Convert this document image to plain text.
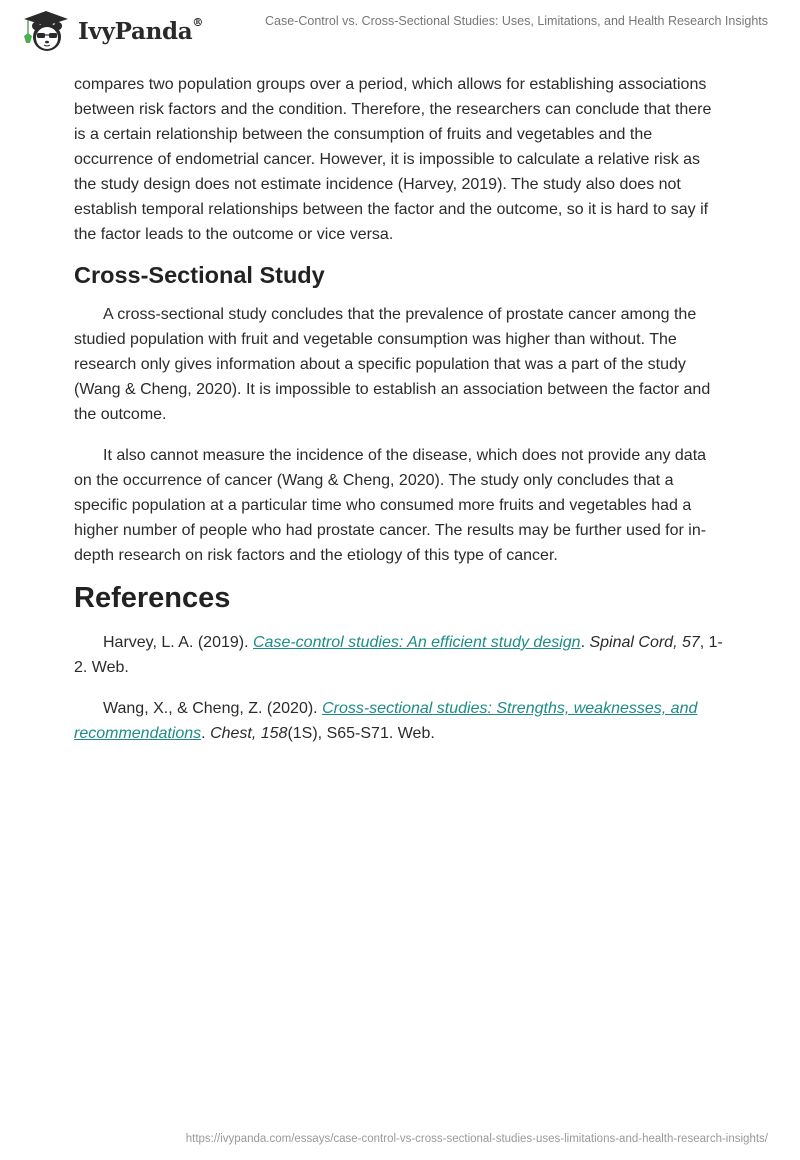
IvyPanda®	Case-Control vs. Cross-Sectional Studies: Uses, Limitations, and Health Research Insights

compares two population groups over a period, which allows for establishing associations between risk factors and the condition. Therefore, the researchers can conclude that there is a certain relationship between the consumption of fruits and vegetables and the occurrence of endometrial cancer. However, it is impossible to calculate a relative risk as the study design does not estimate incidence (Harvey, 2019). The study also does not establish temporal relationships between the factor and the outcome, so it is hard to say if the factor leads to the outcome or vice versa.

Cross-Sectional Study

A cross-sectional study concludes that the prevalence of prostate cancer among the studied population with fruit and vegetable consumption was higher than without. The research only gives information about a specific population that was a part of the study (Wang & Cheng, 2020). It is impossible to establish an association between the factor and the outcome.

It also cannot measure the incidence of the disease, which does not provide any data on the occurrence of cancer (Wang & Cheng, 2020). The study only concludes that a specific population at a particular time who consumed more fruits and vegetables had a higher number of people who had prostate cancer. The results may be further used for in-depth research on risk factors and the etiology of this type of cancer.

References

Harvey, L. A. (2019). Case-control studies: An efficient study design. Spinal Cord, 57, 1-2. Web.

Wang, X., & Cheng, Z. (2020). Cross-sectional studies: Strengths, weaknesses, and recommendations. Chest, 158(1S), S65-S71. Web.

https://ivypanda.com/essays/case-control-vs-cross-sectional-studies-uses-limitations-and-health-research-insights/
